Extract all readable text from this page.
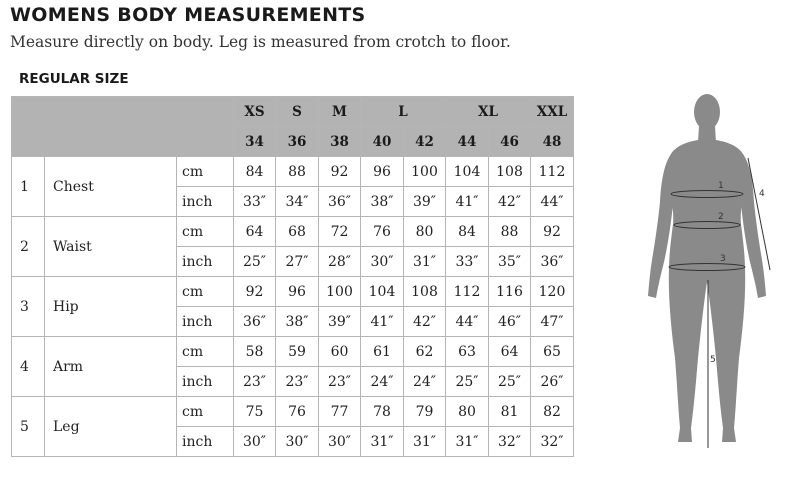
WOMENS BODY MEASUREMENTS
Measure directly on body. Leg is measured from crotch to floor.
REGULAR SIZE
			XS	S	M	L		XL		XXL
			34	36	38	40	42	44	46	48
1	Chest	cm	84	88	92	96	100	104	108	112
		inch	33″	34″	36″	38″	39″	41″	42″	44″
2	Waist	cm	64	68	72	76	80	84	88	92
		inch	25″	27″	28″	30″	31″	33″	35″	36″
3	Hip	cm	92	96	100	104	108	112	116	120
		inch	36″	38″	39″	41″	42″	44″	46″	47″
4	Arm	cm	58	59	60	61	62	63	64	65
		inch	23″	23″	23″	24″	24″	25″	25″	26″
5	Leg	cm	75	76	77	78	79	80	81	82
		inch	30″	30″	30″	31″	31″	31″	32″	32″
1
2
3
4
5
